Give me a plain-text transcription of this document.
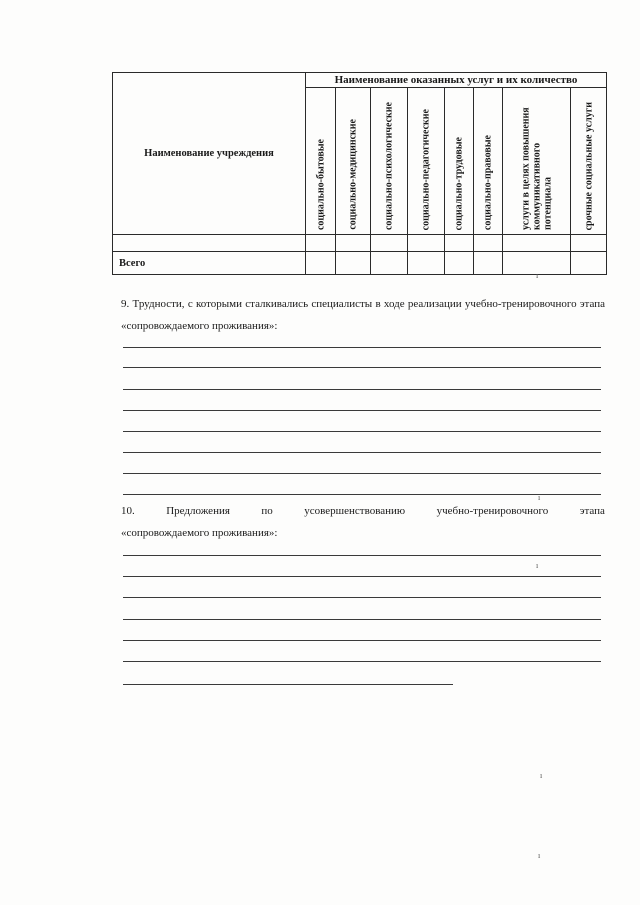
Наименование учреждения	Наименование оказанных услуг и их количество							

	социально-бытовые	социально-медицинские	социально-психологические	социально-педагогические	социально-трудовые	социально-правовые	услуги в целях повышения коммуникативного потенциала	срочные социальные услуги

Всего								
ı
9. Трудности, с которыми сталкивались специалисты в ходе реализации учебно-тренировочного этапа «сопровождаемого проживания»:
ı
10.	Предложения	по	усовершенствованию	учебно-тренировочного	этапа
«сопровождаемого проживания»:
ı
ı
ı
